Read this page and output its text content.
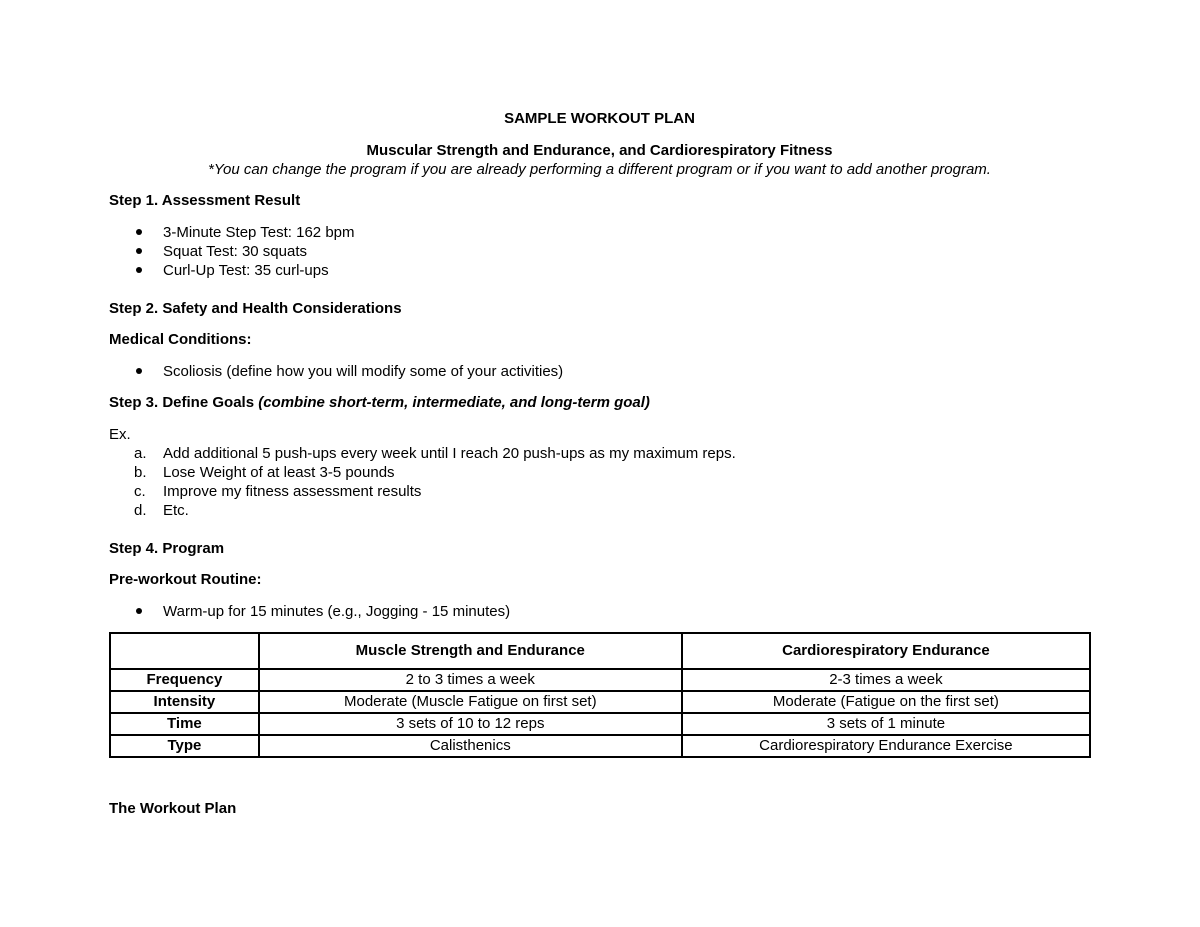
SAMPLE WORKOUT PLAN
Muscular Strength and Endurance, and Cardiorespiratory Fitness
*You can change the program if you are already performing a different program or if you want to add another program.
Step 1. Assessment Result
3-Minute Step Test: 162 bpm
Squat Test: 30 squats
Curl-Up Test: 35 curl-ups
Step 2. Safety and Health Considerations
Medical Conditions:
Scoliosis (define how you will modify some of your activities)
Step 3. Define Goals (combine short-term, intermediate, and long-term goal)
Ex.
a.	Add additional 5 push-ups every week until I reach 20 push-ups as my maximum reps.
b.	Lose Weight of at least 3-5 pounds
c.	Improve my fitness assessment results
d.	Etc.
Step 4. Program
Pre-workout Routine:
Warm-up for 15 minutes (e.g., Jogging - 15 minutes)
	Muscle Strength and Endurance	Cardiorespiratory Endurance
Frequency	2 to 3 times a week	2-3 times a week
Intensity	Moderate (Muscle Fatigue on first set)	Moderate (Fatigue on the first set)
Time	3 sets of 10 to 12 reps	3 sets of 1 minute
Type	Calisthenics	Cardiorespiratory Endurance Exercise
The Workout Plan
